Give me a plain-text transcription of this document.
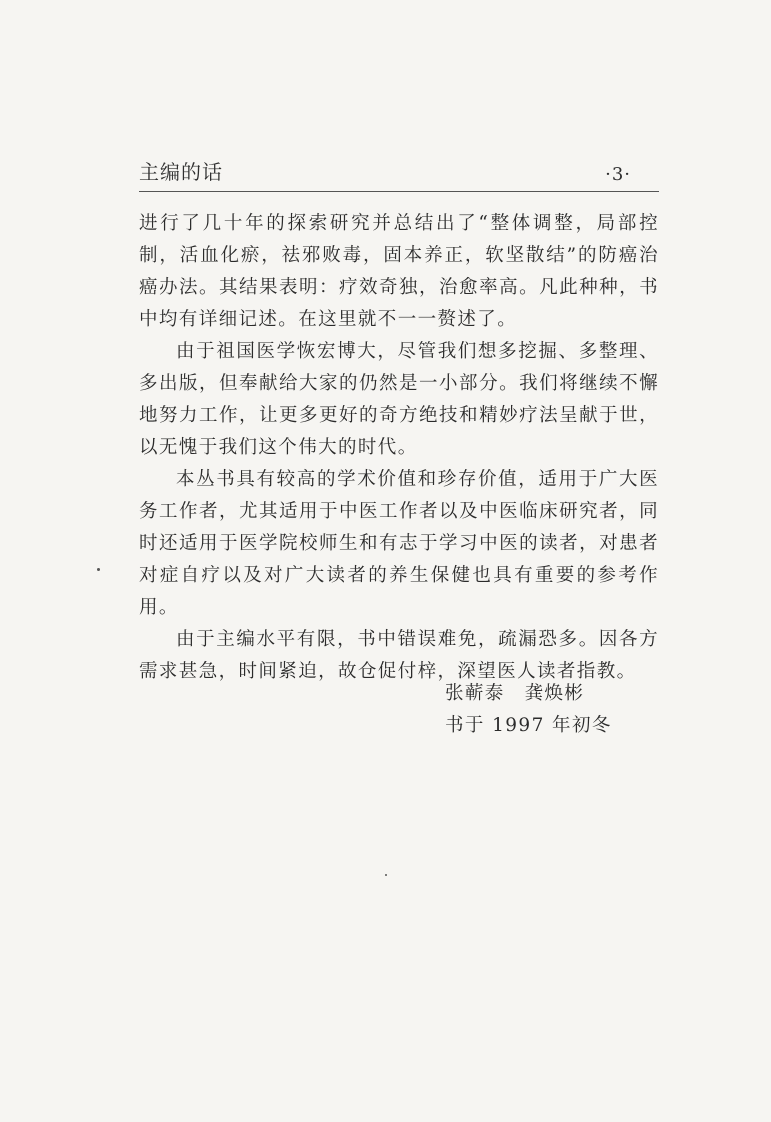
主编的话	·3·

进行了几十年的探索研究并总结出了“整体调整，局部控制，活血化瘀，祛邪败毒，固本养正，软坚散结”的防癌治癌办法。其结果表明：疗效奇独，治愈率高。凡此种种，书中均有详细记述。在这里就不一一赘述了。

由于祖国医学恢宏博大，尽管我们想多挖掘、多整理、多出版，但奉献给大家的仍然是一小部分。我们将继续不懈地努力工作，让更多更好的奇方绝技和精妙疗法呈献于世，以无愧于我们这个伟大的时代。

本丛书具有较高的学术价值和珍存价值，适用于广大医务工作者，尤其适用于中医工作者以及中医临床研究者，同时还适用于医学院校师生和有志于学习中医的读者，对患者对症自疗以及对广大读者的养生保健也具有重要的参考作用。

由于主编水平有限，书中错误难免，疏漏恐多。因各方需求甚急，时间紧迫，故仓促付梓，深望医人读者指教。

张蕲泰　龚焕彬
书于 1997 年初冬
